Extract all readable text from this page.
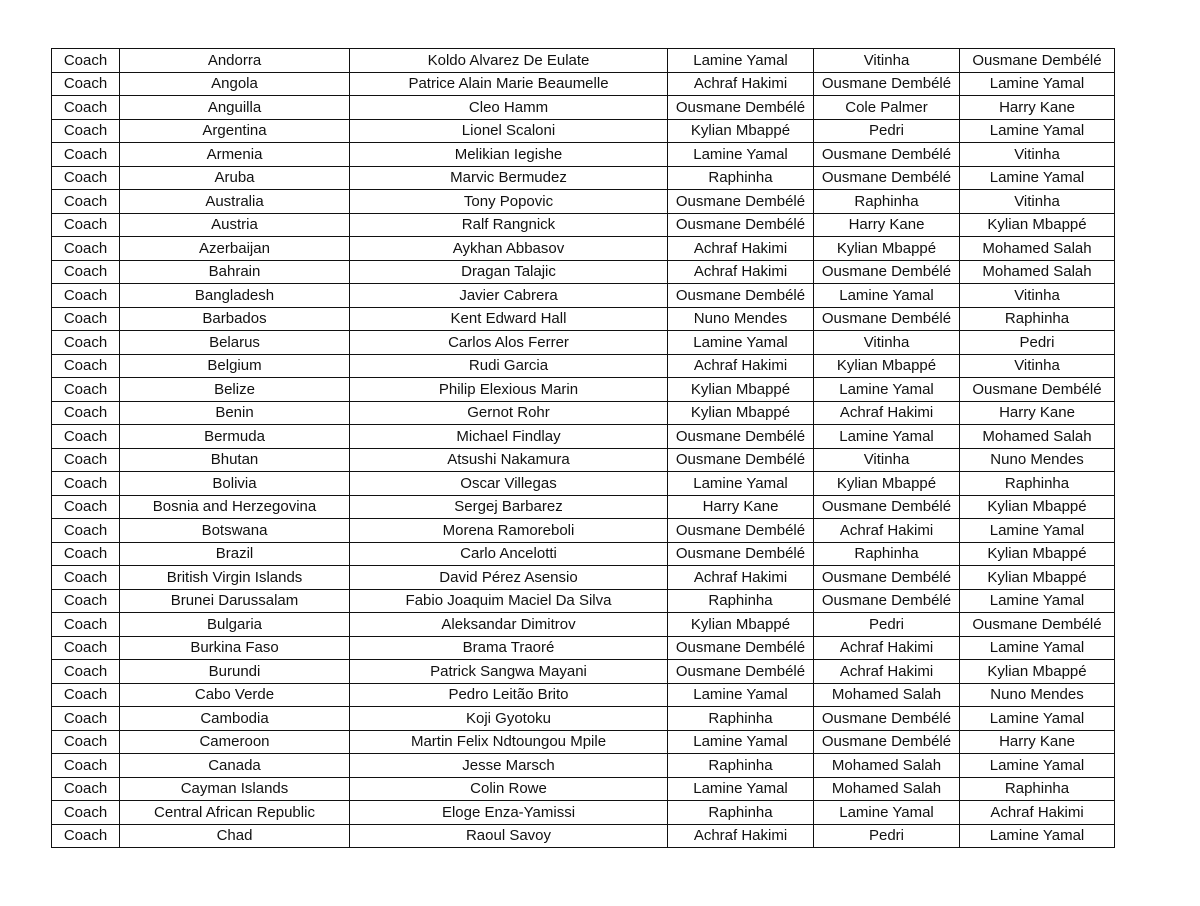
Coach	Andorra	Koldo Alvarez De Eulate	Lamine Yamal	Vitinha	Ousmane Dembélé
Coach	Angola	Patrice Alain Marie Beaumelle	Achraf Hakimi	Ousmane Dembélé	Lamine Yamal
Coach	Anguilla	Cleo Hamm	Ousmane Dembélé	Cole Palmer	Harry Kane
Coach	Argentina	Lionel Scaloni	Kylian Mbappé	Pedri	Lamine Yamal
Coach	Armenia	Melikian Iegishe	Lamine Yamal	Ousmane Dembélé	Vitinha
Coach	Aruba	Marvic Bermudez	Raphinha	Ousmane Dembélé	Lamine Yamal
Coach	Australia	Tony Popovic	Ousmane Dembélé	Raphinha	Vitinha
Coach	Austria	Ralf Rangnick	Ousmane Dembélé	Harry Kane	Kylian Mbappé
Coach	Azerbaijan	Aykhan Abbasov	Achraf Hakimi	Kylian Mbappé	Mohamed Salah
Coach	Bahrain	Dragan Talajic	Achraf Hakimi	Ousmane Dembélé	Mohamed Salah
Coach	Bangladesh	Javier Cabrera	Ousmane Dembélé	Lamine Yamal	Vitinha
Coach	Barbados	Kent Edward Hall	Nuno Mendes	Ousmane Dembélé	Raphinha
Coach	Belarus	Carlos Alos Ferrer	Lamine Yamal	Vitinha	Pedri
Coach	Belgium	Rudi Garcia	Achraf Hakimi	Kylian Mbappé	Vitinha
Coach	Belize	Philip Elexious Marin	Kylian Mbappé	Lamine Yamal	Ousmane Dembélé
Coach	Benin	Gernot Rohr	Kylian Mbappé	Achraf Hakimi	Harry Kane
Coach	Bermuda	Michael Findlay	Ousmane Dembélé	Lamine Yamal	Mohamed Salah
Coach	Bhutan	Atsushi Nakamura	Ousmane Dembélé	Vitinha	Nuno Mendes
Coach	Bolivia	Oscar Villegas	Lamine Yamal	Kylian Mbappé	Raphinha
Coach	Bosnia and Herzegovina	Sergej Barbarez	Harry Kane	Ousmane Dembélé	Kylian Mbappé
Coach	Botswana	Morena Ramoreboli	Ousmane Dembélé	Achraf Hakimi	Lamine Yamal
Coach	Brazil	Carlo Ancelotti	Ousmane Dembélé	Raphinha	Kylian Mbappé
Coach	British Virgin Islands	David Pérez Asensio	Achraf Hakimi	Ousmane Dembélé	Kylian Mbappé
Coach	Brunei Darussalam	Fabio Joaquim Maciel Da Silva	Raphinha	Ousmane Dembélé	Lamine Yamal
Coach	Bulgaria	Aleksandar Dimitrov	Kylian Mbappé	Pedri	Ousmane Dembélé
Coach	Burkina Faso	Brama Traoré	Ousmane Dembélé	Achraf Hakimi	Lamine Yamal
Coach	Burundi	Patrick Sangwa Mayani	Ousmane Dembélé	Achraf Hakimi	Kylian Mbappé
Coach	Cabo Verde	Pedro Leitão Brito	Lamine Yamal	Mohamed Salah	Nuno Mendes
Coach	Cambodia	Koji Gyotoku	Raphinha	Ousmane Dembélé	Lamine Yamal
Coach	Cameroon	Martin Felix Ndtoungou Mpile	Lamine Yamal	Ousmane Dembélé	Harry Kane
Coach	Canada	Jesse Marsch	Raphinha	Mohamed Salah	Lamine Yamal
Coach	Cayman Islands	Colin Rowe	Lamine Yamal	Mohamed Salah	Raphinha
Coach	Central African Republic	Eloge Enza-Yamissi	Raphinha	Lamine Yamal	Achraf Hakimi
Coach	Chad	Raoul Savoy	Achraf Hakimi	Pedri	Lamine Yamal
